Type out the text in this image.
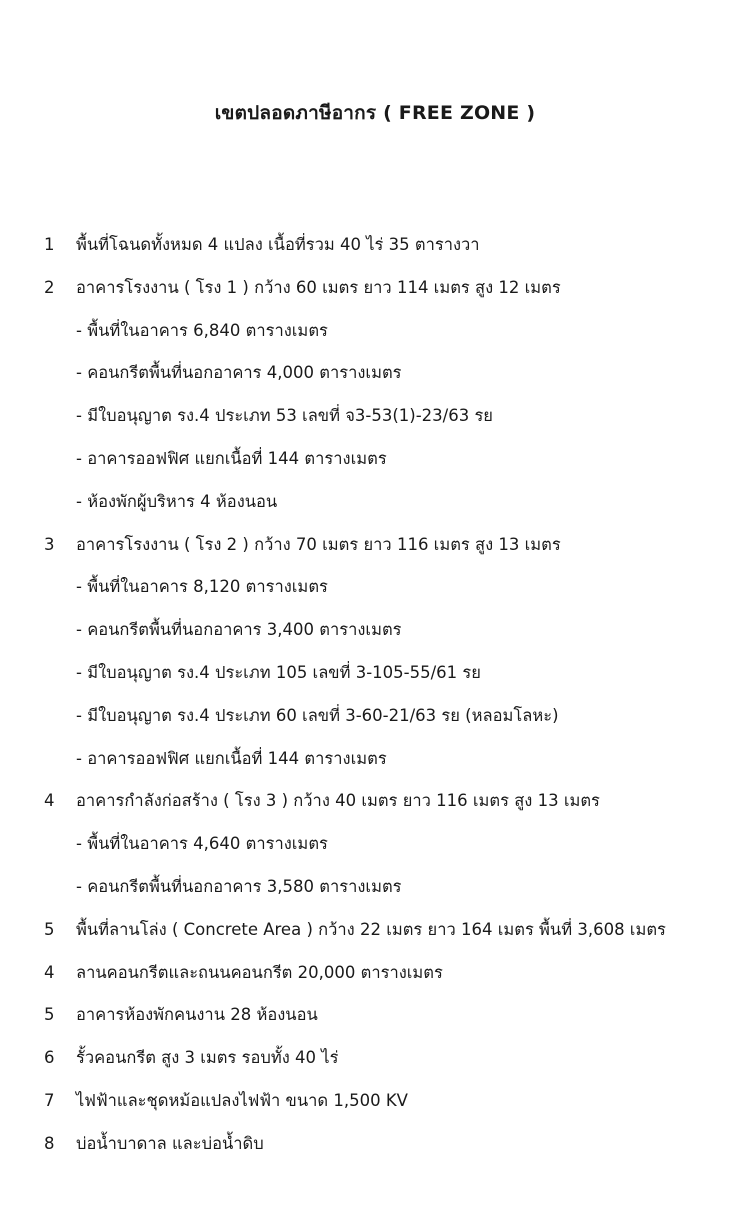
เขตปลอดภาษีอากร ( FREE ZONE )
1	พื้นที่โฉนดทั้งหมด 4 แปลง เนื้อที่รวม 40 ไร่ 35 ตารางวา
2	อาคารโรงงาน ( โรง 1 ) กว้าง 60 เมตร ยาว 114 เมตร สูง 12 เมตร
- พื้นที่ในอาคาร 6,840 ตารางเมตร
- คอนกรีตพื้นที่นอกอาคาร 4,000 ตารางเมตร
- มีใบอนุญาต รง.4 ประเภท 53 เลขที่ จ3-53(1)-23/63 รย
- อาคารออฟฟิศ แยกเนื้อที่ 144 ตารางเมตร
- ห้องพักผู้บริหาร 4 ห้องนอน
3	อาคารโรงงาน ( โรง 2 ) กว้าง 70 เมตร ยาว 116 เมตร สูง 13 เมตร
- พื้นที่ในอาคาร 8,120 ตารางเมตร
- คอนกรีตพื้นที่นอกอาคาร 3,400 ตารางเมตร
- มีใบอนุญาต รง.4 ประเภท 105 เลขที่ 3-105-55/61 รย
- มีใบอนุญาต รง.4 ประเภท 60 เลขที่ 3-60-21/63 รย (หลอมโลหะ)
- อาคารออฟฟิศ แยกเนื้อที่ 144 ตารางเมตร
4	อาคารกำลังก่อสร้าง ( โรง 3 ) กว้าง 40 เมตร ยาว 116 เมตร สูง 13 เมตร
- พื้นที่ในอาคาร 4,640 ตารางเมตร
- คอนกรีตพื้นที่นอกอาคาร 3,580 ตารางเมตร
5	พื้นที่ลานโล่ง ( Concrete Area ) กว้าง 22 เมตร ยาว 164 เมตร พื้นที่ 3,608 เมตร
4	ลานคอนกรีตและถนนคอนกรีต 20,000 ตารางเมตร
5	อาคารห้องพักคนงาน 28 ห้องนอน
6	รั้วคอนกรีต สูง 3 เมตร รอบทั้ง 40 ไร่
7	ไฟฟ้าและชุดหม้อแปลงไฟฟ้า ขนาด 1,500 KV
8	บ่อน้ำบาดาล และบ่อน้ำดิบ
